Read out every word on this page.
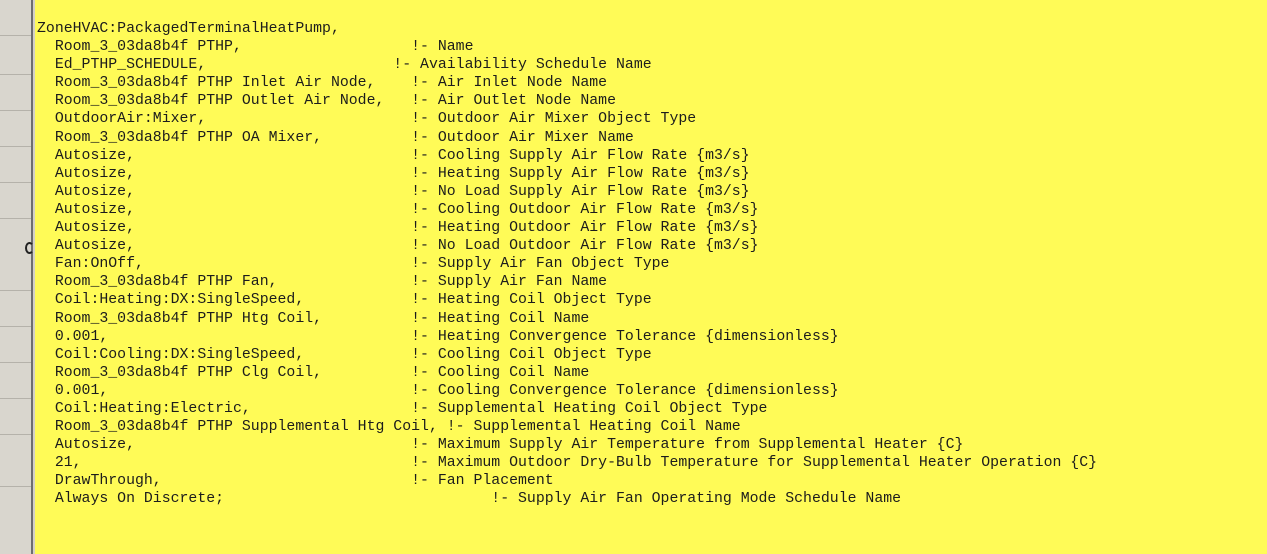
ZoneHVAC:PackagedTerminalHeatPump,
Room_3_03da8b4f PTHP,                   !- Name
Ed_PTHP_SCHEDULE,                     !- Availability Schedule Name
Room_3_03da8b4f PTHP Inlet Air Node,    !- Air Inlet Node Name
Room_3_03da8b4f PTHP Outlet Air Node,   !- Air Outlet Node Name
OutdoorAir:Mixer,                       !- Outdoor Air Mixer Object Type
Room_3_03da8b4f PTHP OA Mixer,          !- Outdoor Air Mixer Name
Autosize,                               !- Cooling Supply Air Flow Rate {m3/s}
Autosize,                               !- Heating Supply Air Flow Rate {m3/s}
Autosize,                               !- No Load Supply Air Flow Rate {m3/s}
Autosize,                               !- Cooling Outdoor Air Flow Rate {m3/s}
Autosize,                               !- Heating Outdoor Air Flow Rate {m3/s}
Autosize,                               !- No Load Outdoor Air Flow Rate {m3/s}
Fan:OnOff,                              !- Supply Air Fan Object Type
Room_3_03da8b4f PTHP Fan,               !- Supply Air Fan Name
Coil:Heating:DX:SingleSpeed,            !- Heating Coil Object Type
Room_3_03da8b4f PTHP Htg Coil,          !- Heating Coil Name
0.001,                                  !- Heating Convergence Tolerance {dimensionless}
Coil:Cooling:DX:SingleSpeed,            !- Cooling Coil Object Type
Room_3_03da8b4f PTHP Clg Coil,          !- Cooling Coil Name
0.001,                                  !- Cooling Convergence Tolerance {dimensionless}
Coil:Heating:Electric,                  !- Supplemental Heating Coil Object Type
Room_3_03da8b4f PTHP Supplemental Htg Coil, !- Supplemental Heating Coil Name
Autosize,                               !- Maximum Supply Air Temperature from Supplemental Heater {C}
21,                                     !- Maximum Outdoor Dry-Bulb Temperature for Supplemental Heater Operation {C}
DrawThrough,                            !- Fan Placement
Always On Discrete;                              !- Supply Air Fan Operating Mode Schedule Name
